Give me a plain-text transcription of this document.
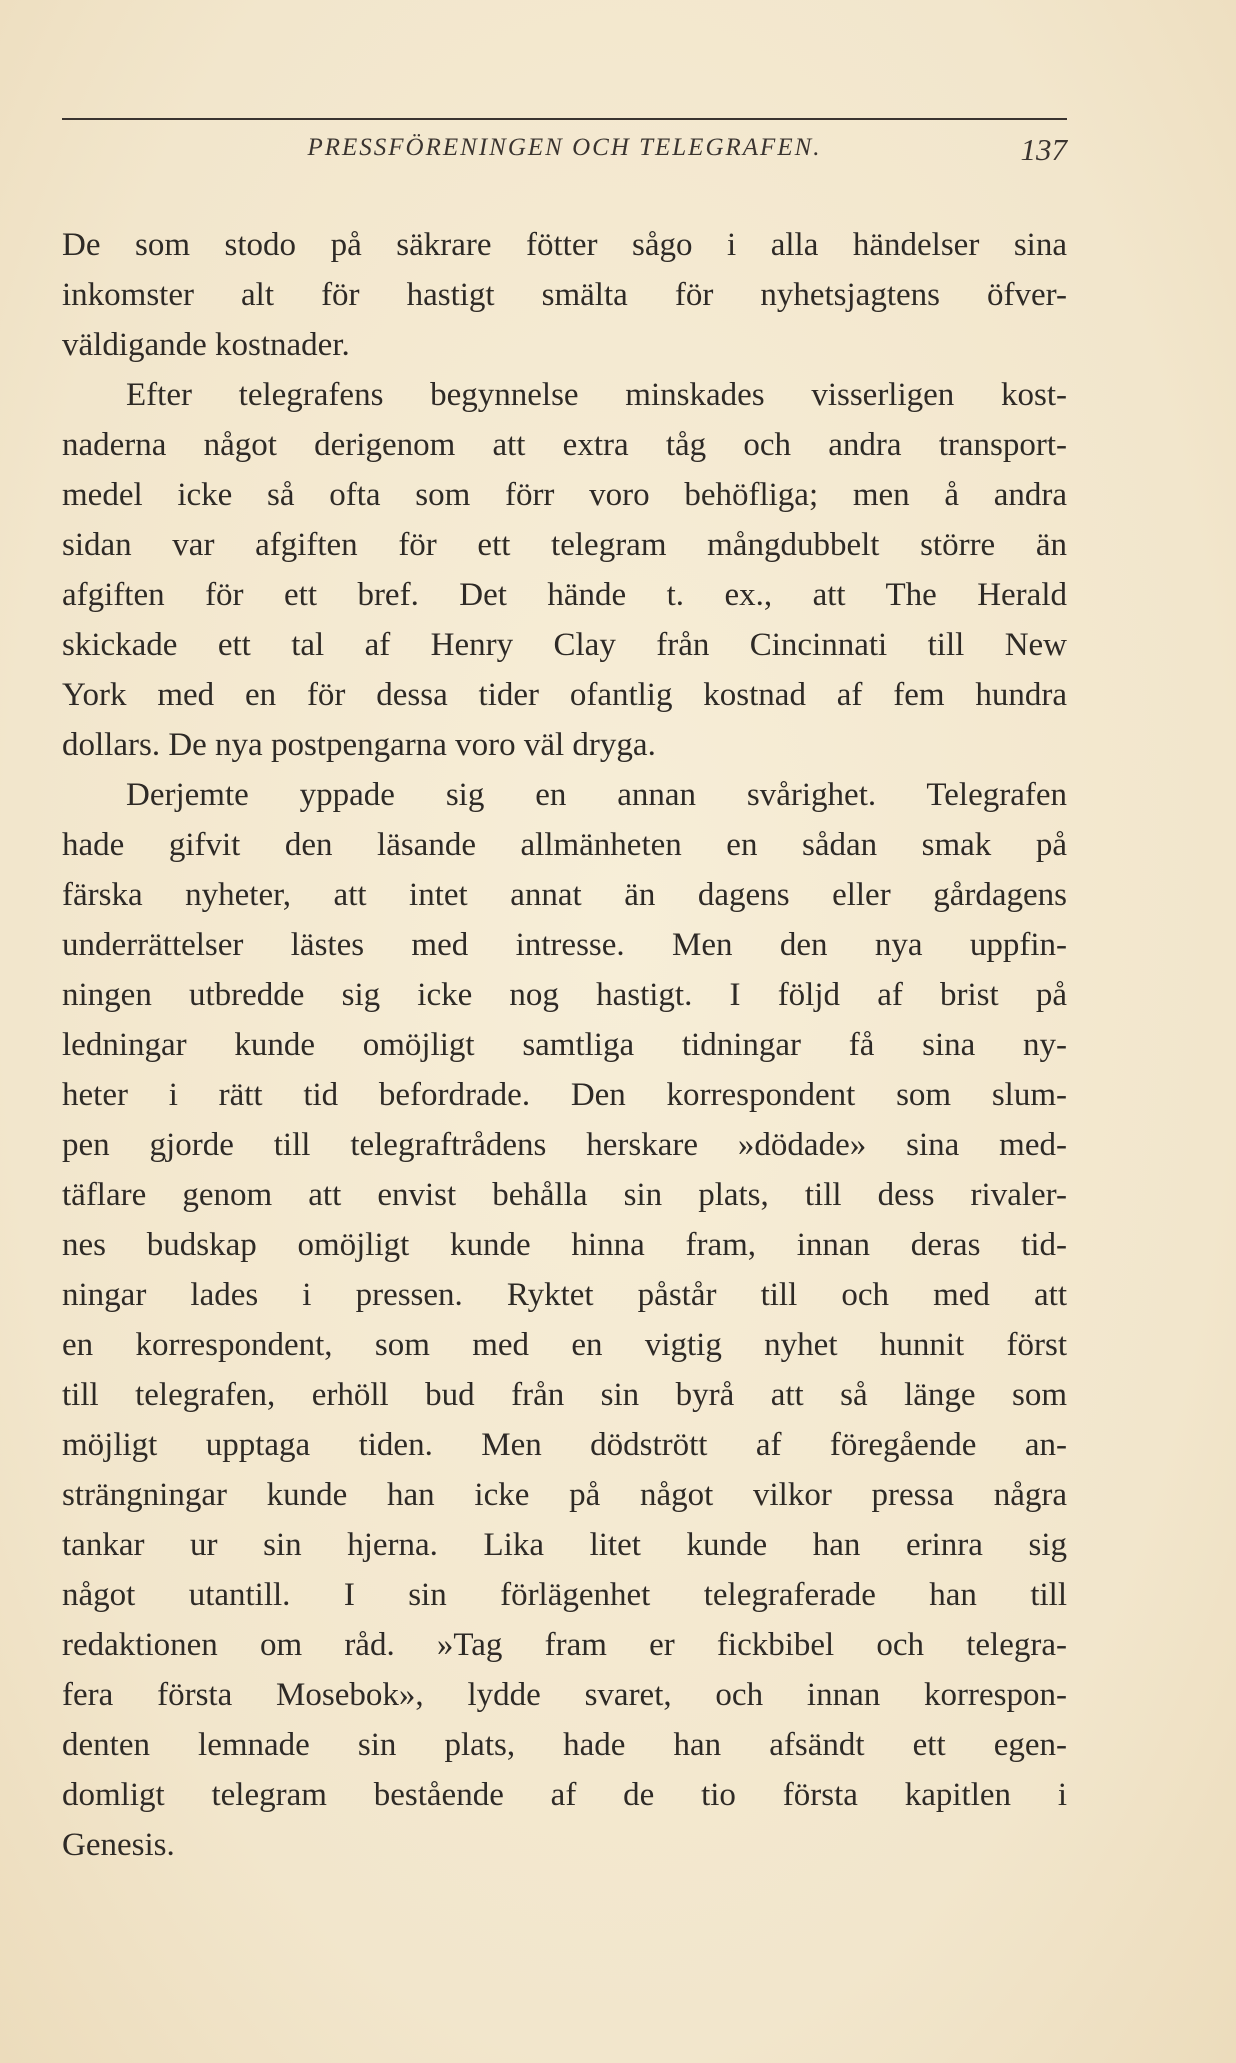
PRESSFÖRENINGEN OCH TELEGRAFEN.	137
De som stodo på säkrare fötter sågo i alla händelser sina
inkomster alt för hastigt smälta för nyhetsjagtens öfver-
väldigande kostnader.
Efter telegrafens begynnelse minskades visserligen kost-
naderna något derigenom att extra tåg och andra transport-
medel icke så ofta som förr voro behöfliga; men å andra
sidan var afgiften för ett telegram mångdubbelt större än
afgiften för ett bref. Det hände t. ex., att The Herald
skickade ett tal af Henry Clay från Cincinnati till New
York med en för dessa tider ofantlig kostnad af fem hundra
dollars. De nya postpengarna voro väl dryga.
Derjemte yppade sig en annan svårighet. Telegrafen
hade gifvit den läsande allmänheten en sådan smak på
färska nyheter, att intet annat än dagens eller gårdagens
underrättelser lästes med intresse. Men den nya uppfin-
ningen utbredde sig icke nog hastigt. I följd af brist på
ledningar kunde omöjligt samtliga tidningar få sina ny-
heter i rätt tid befordrade. Den korrespondent som slum-
pen gjorde till telegraftrådens herskare »dödade» sina med-
täflare genom att envist behålla sin plats, till dess rivaler-
nes budskap omöjligt kunde hinna fram, innan deras tid-
ningar lades i pressen. Ryktet påstår till och med att
en korrespondent, som med en vigtig nyhet hunnit först
till telegrafen, erhöll bud från sin byrå att så länge som
möjligt upptaga tiden. Men dödstrött af föregående an-
strängningar kunde han icke på något vilkor pressa några
tankar ur sin hjerna. Lika litet kunde han erinra sig
något utantill. I sin förlägenhet telegraferade han till
redaktionen om råd. »Tag fram er fickbibel och telegra-
fera första Mosebok», lydde svaret, och innan korrespon-
denten lemnade sin plats, hade han afsändt ett egen-
domligt telegram bestående af de tio första kapitlen i
Genesis.
